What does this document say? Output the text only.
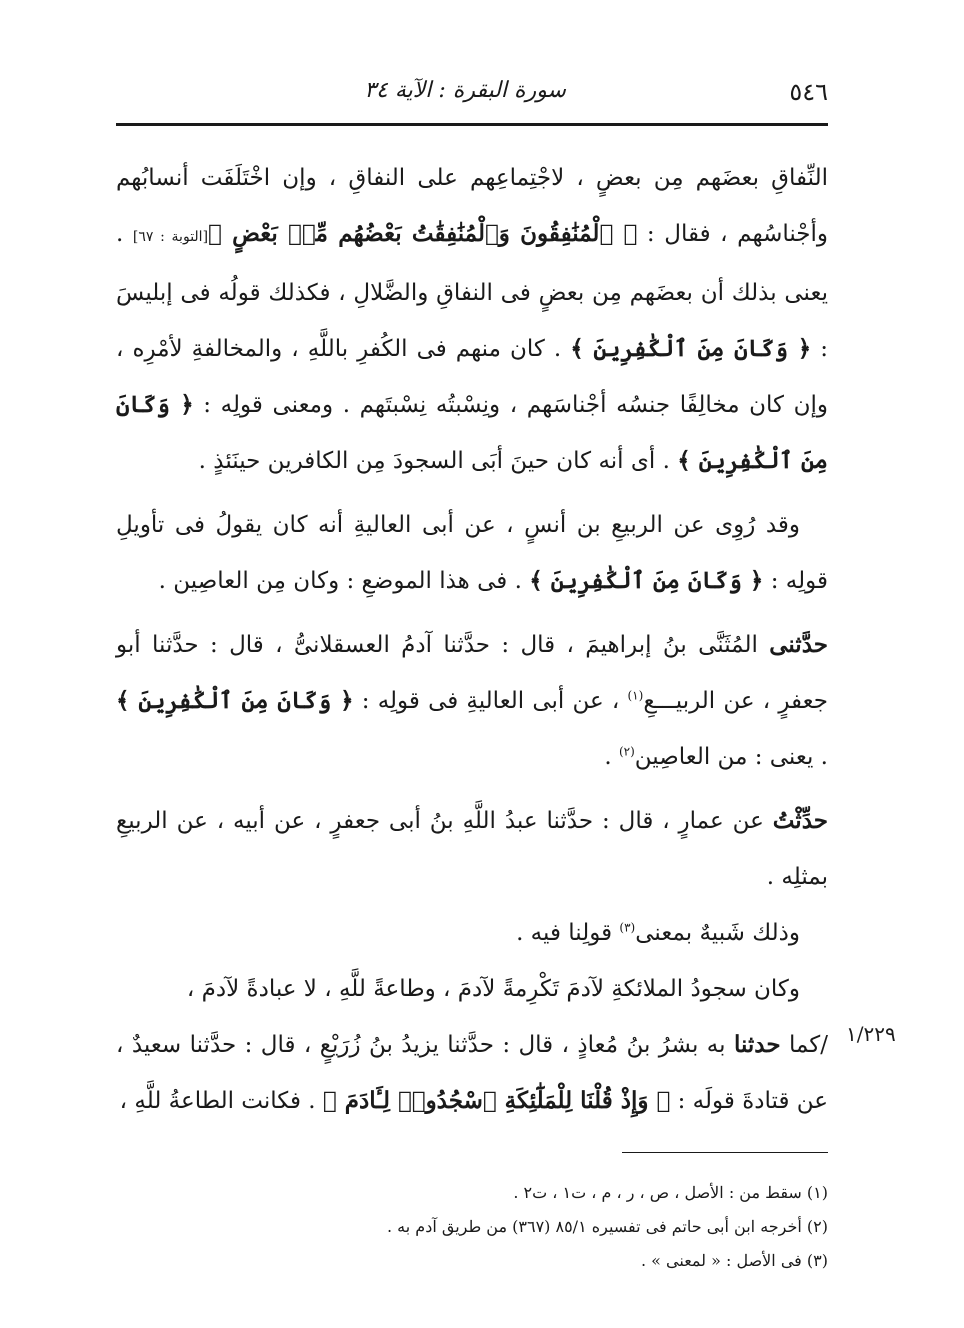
٥٤٦
سورة البقرة : الآية ٣٤

النِّفاقِ بعضَهم مِن بعضٍ ، لاجْتِماعِهم على النفاقِ ، وإن اخْتَلَفَت أنسابُهم وأجْناسُهم ، فقال : ﴿ ٱلْمُنَٰفِقُونَ وَٱلْمُنَٰفِقَٰتُ بَعْضُهُم مِّنۢ بَعْضٍ ﴾[التوبة : ٦٧] . يعنى بذلك أن بعضَهم مِن بعضٍ فى النفاقِ والضَّلالِ ، فكذلك قولُه فى إبليسَ : ﴿ وَكَانَ مِنَ ٱلْكَٰفِرِينَ ﴾ . كان منهم فى الكُفرِ باللَّهِ ، والمخالفةِ لأمْرِه ، وإن كان مخالِفًا جنسُه أجْناسَهم ، ونِسْبتُه نِسْبتَهم . ومعنى قولِه : ﴿ وَكَانَ مِنَ ٱلْكَٰفِرِينَ ﴾ . أى أنه كان حينَ أبَى السجودَ مِن الكافرين حينَئذٍ .

وقد رُوِى عن الربيعِ بن أنسٍ ، عن أبى العاليةِ أنه كان يقولُ فى تأويلِ قولِه : ﴿ وَكَانَ مِنَ ٱلْكَٰفِرِينَ ﴾ . فى هذا الموضعِ : وكان مِن العاصِين .

حدَّثنى المُثَنَّى بنُ إبراهيمَ ، قال : حدَّثنا آدمُ العسقلانىُّ ، قال : حدَّثنا أبو جعفرٍ ، عن الربيـــعِ$^{(١)}$ ، عن أبى العاليةِ فى قولِه : ﴿ وَكَانَ مِنَ ٱلْكَٰفِرِينَ ﴾ . يعنى : من العاصِين$^{(٢)}$ .

حدِّثْتُ عن عمارٍ ، قال : حدَّثنا عبدُ اللَّهِ بنُ أبى جعفرٍ ، عن أبيه ، عن الربيعِ بمثلِه .

وذلك شَبيهٌ بمعنى$^{(٣)}$ قولِنا فيه .

وكان سجودُ الملائكةِ لآدمَ تَكْرِمةً لآدمَ ، وطاعةً للَّهِ ، لا عبادةً لآدمَ ،

/كما حدثنا به بشرُ بنُ مُعاذٍ ، قال : حدَّثنا يزيدُ بنُ زُرَيْعٍ ، قال : حدَّثنا سعيدٌ ، عن قتادةَ قولَه : ﴿ وَإِذْ قُلْنَا لِلْمَلَٰٓئِكَةِ ٱسْجُدُوا۟ لِـَٔادَمَ ﴾ . فكانت الطاعةُ للَّهِ ،

١/٢٢٩

(١) سقط من : الأصل ، ص ، ر ، م ، ت١ ، ت٢ .

(٢) أخرجه ابن أبى حاتم فى تفسيره ٨٥/١ (٣٦٧) من طريق آدم به .

(٣) فى الأصل : « لمعنى » .
